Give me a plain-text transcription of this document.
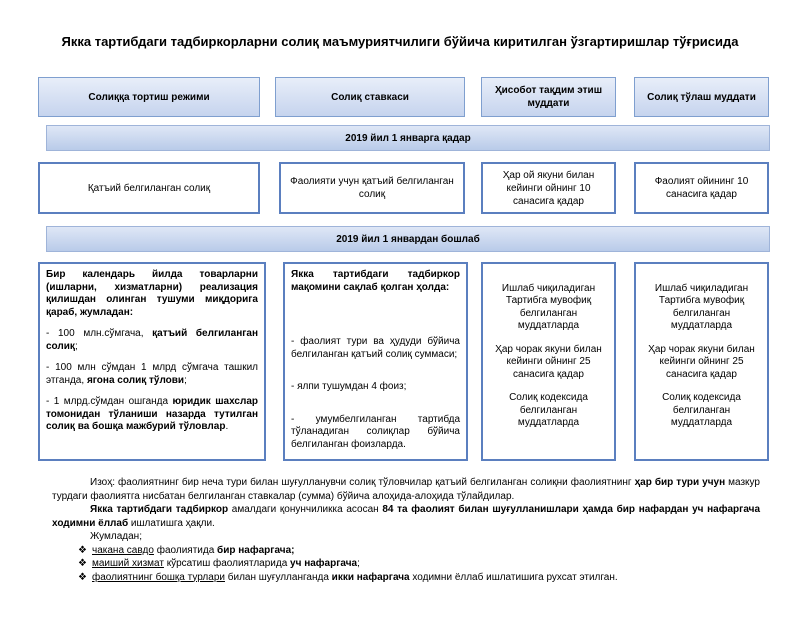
Якка тартибдаги тадбиркорларни солиқ маъмуриятчилиги бўйича киритилган ўзгартиришлар тўғрисида
Солиққа тортиш режими	Солиқ ставкаси
Ҳисобот тақдим этиш муддати
Солиқ тўлаш муддати
2019 йил 1 январга қадар
Қатъий белгиланган солиқ
Фаолияти учун қатъий белгиланган солиқ
Ҳар ой якуни билан кейинги ойнинг 10 санасига қадар
Фаолият ойининг 10 санасига қадар
2019 йил 1 январдан бошлаб

Бир календарь йилда товарларни (ишларни, хизматларни) реализация қилишдан олинган тушуми миқдорига қараб, жумладан:

- 100 млн.сўмгача, қатъий белгиланган солиқ;

- 100 млн сўмдан 1 млрд сўмгача ташкил этганда, ягона солиқ тўлови;

- 1 млрд.сўмдан ошганда юридик шахслар томонидан тўланиши назарда тутилган солиқ ва бошқа мажбурий тўловлар.

Якка тартибдаги тадбиркор мақомини сақлаб қолган ҳолда:

- фаолият тури ва ҳудуди бўйича белгиланган қатъий солиқ суммаси;

- ялпи тушумдан 4 фоиз;

- умумбелгиланган тартибда тўланадиган солиқлар бўйича белгиланган фоизларда.

Ишлаб чиқиладиган Тартибга мувофиқ белгиланган муддатларда

Ҳар чорак якуни билан кейинги ойнинг 25 санасига қадар

Солиқ кодексида белгиланган муддатларда

Ишлаб чиқиладиган Тартибга мувофиқ белгиланган муддатларда

Ҳар чорак якуни билан кейинги ойнинг 25 санасига қадар

Солиқ кодексида белгиланган муддатларда

Изоҳ: фаолиятнинг бир неча тури билан шуғулланувчи солиқ тўловчилар қатъий белгиланган солиқни фаолиятнинг ҳар бир тури учун мазкур турдаги фаолиятга нисбатан белгиланган ставкалар (сумма) бўйича алоҳида-алоҳида тўлайдилар.

Якка тартибдаги тадбиркор амалдаги қонунчиликка асосан 84 та фаолият билан шуғулланишлари ҳамда бир нафардан уч нафаргача ходимни ёллаб ишлатишга ҳақли.

Жумладан;

❖ чакана савдо фаолиятида бир нафаргача;

❖ маиший хизмат кўрсатиш фаолиятларида уч нафаргача;

❖ фаолиятнинг бошқа турлари билан шуғулланганда икки нафаргача ходимни ёллаб ишлатишига рухсат этилган.
